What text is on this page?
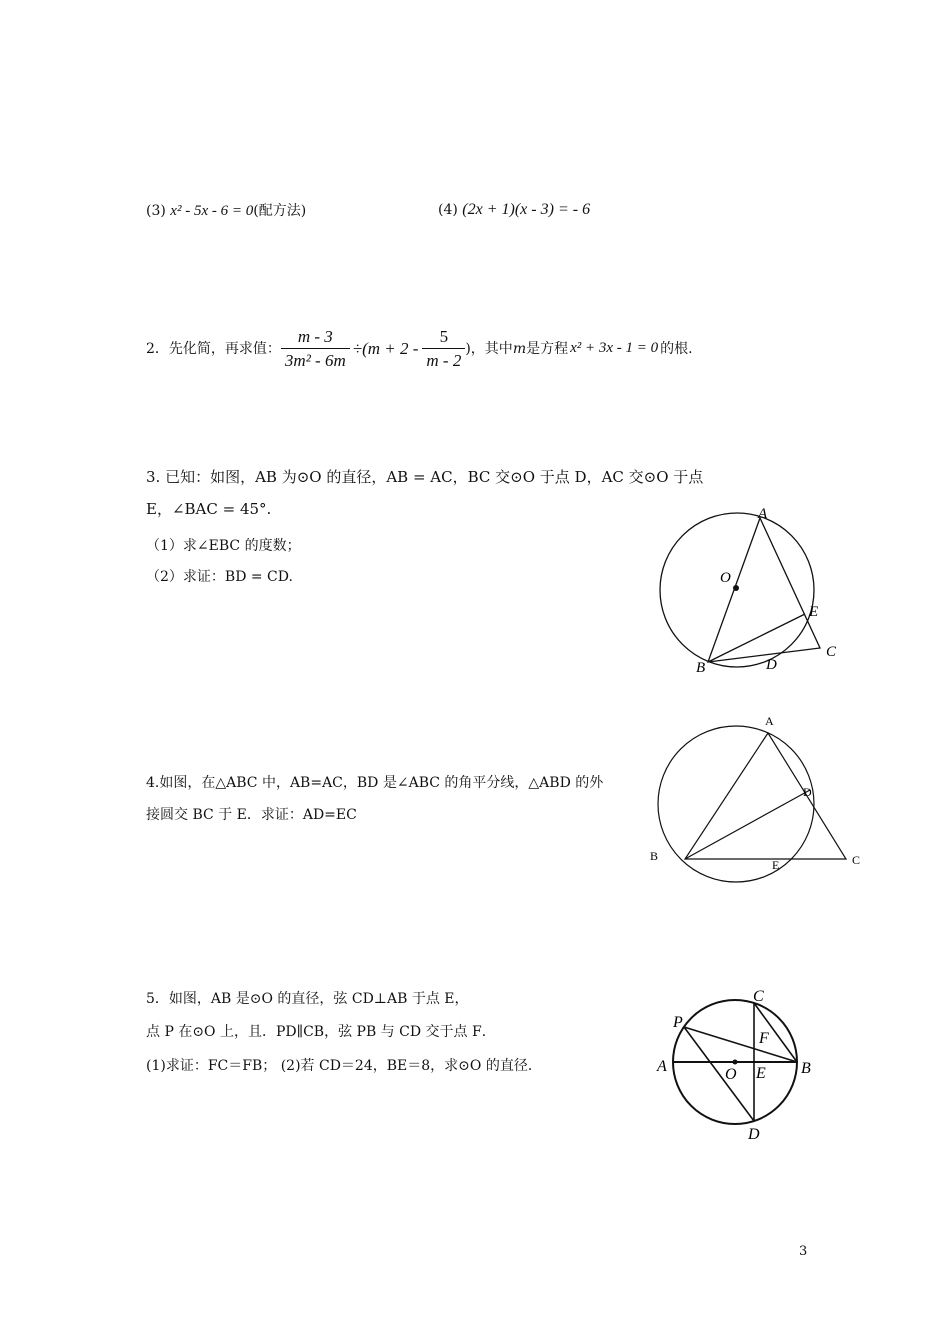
(3) x² - 5x - 6 = 0(配方法)	(4) (2x + 1)(x - 3) = - 6
2．先化简，再求值： $\frac{m - 3}{\text{3m² - 6m}} \div(m + 2 - \frac{5}{m - 2}$ )，其中 m 是方程 x² + 3x - 1 = 0 的根.
3. 已知：如图，AB 为⊙O 的直径，AB = AC，BC 交⊙O 于点 D，AC 交⊙O 于点
E，∠BAC = 45°.
（1）求∠EBC 的度数；
（2）求证：BD = CD.
A
O
E
B	D
C
4.如图，在△ABC 中，AB=AC，BD 是∠ABC 的角平分线，△ABD 的外
接圆交 BC 于 E．求证：AD=EC
A
D
B
E	C
5．如图，AB 是⊙O 的直径，弦 CD⊥AB 于点 E，
点 P 在⊙O 上，且．PD∥CB，弦 PB 与 CD 交于点 F．
(1)求证：FC＝FB； (2)若 CD＝24，BE＝8，求⊙O 的直径．
C
P
F
A	O E B
D
3
